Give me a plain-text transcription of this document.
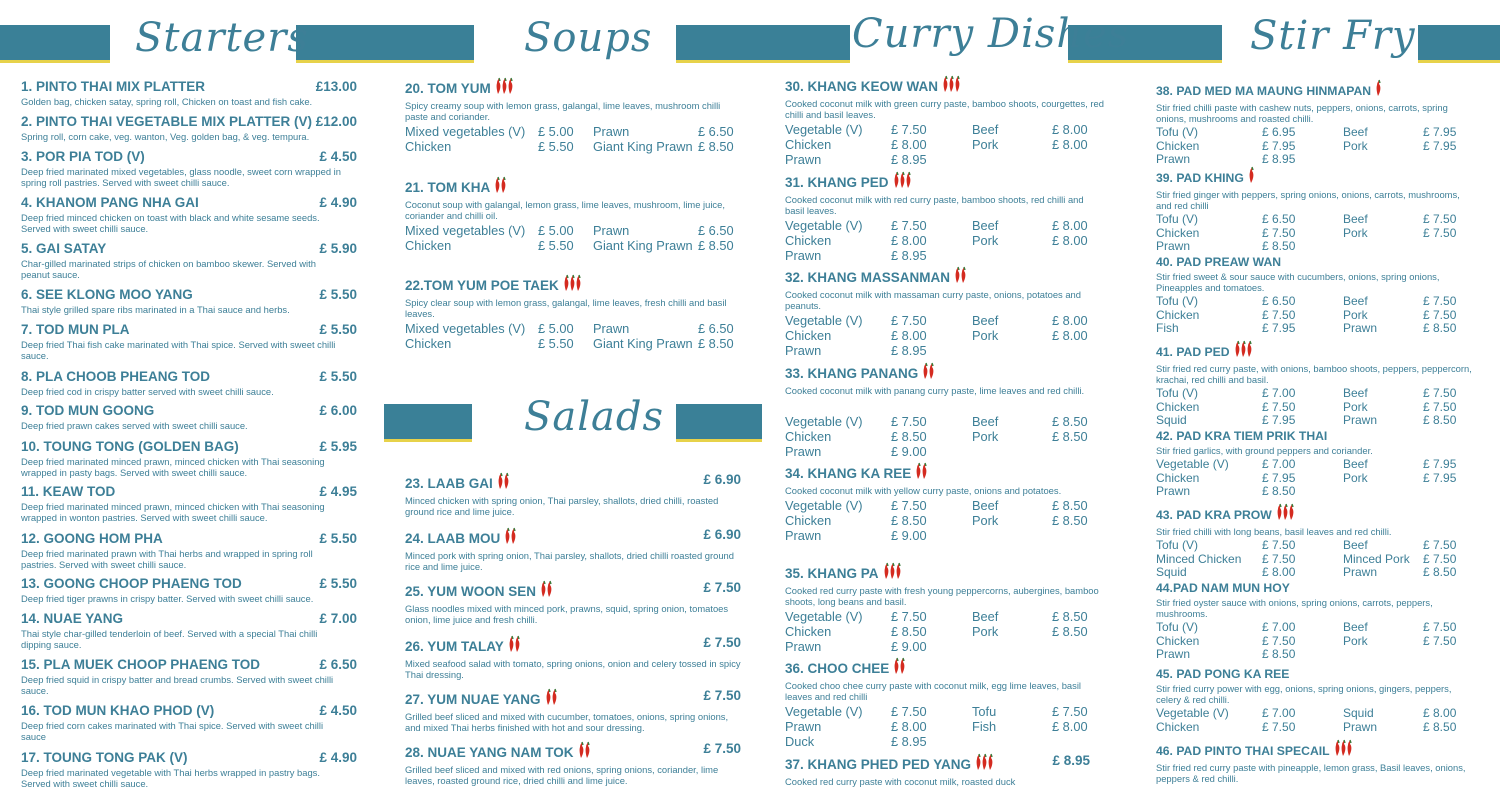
Starters	Soups	Curry Dishes	Stir Fry
Salads
1. PINTO THAI MIX PLATTER	£13.00
Golden bag, chicken satay, spring roll, Chicken on toast and fish cake.
2. PINTO THAI VEGETABLE MIX PLATTER (V) £12.00
Spring roll, corn cake, veg. wanton, Veg. golden bag, & veg. tempura.
3. POR PIA TOD (V)	£ 4.50
Deep fried marinated mixed vegetables, glass noodle, sweet corn wrapped in spring roll pastries. Served with sweet chilli sauce.
4. KHANOM PANG NHA GAI	£ 4.90
Deep fried minced chicken on toast with black and white sesame seeds. Served with sweet chilli sauce.
5. GAI SATAY	£ 5.90
Char-gilled marinated strips of chicken on bamboo skewer. Served with peanut sauce.
6. SEE KLONG MOO YANG	£ 5.50
Thai style grilled spare ribs marinated in a Thai sauce and herbs.
7. TOD MUN PLA	£ 5.50
Deep fried Thai fish cake marinated with Thai spice. Served with sweet chilli sauce.
8. PLA CHOOB PHEANG TOD	£ 5.50
Deep fried cod in crispy batter served with sweet chilli sauce.
9. TOD MUN GOONG	£ 6.00
Deep fried prawn cakes served with sweet chilli sauce.
10. TOUNG TONG (GOLDEN BAG)	£ 5.95
Deep fried marinated minced prawn, minced chicken with Thai seasoning wrapped in pasty bags. Served with sweet chilli sauce.
11. KEAW TOD	£ 4.95
Deep fried marinated minced prawn, minced chicken with Thai seasoning wrapped in wonton pastries. Served with sweet chilli sauce.
12. GOONG HOM PHA	£ 5.50
Deep fried marinated prawn with Thai herbs and wrapped in spring roll pastries. Served with sweet chilli sauce.
13. GOONG CHOOP PHAENG TOD	£ 5.50
Deep fried tiger prawns in crispy batter. Served with sweet chilli sauce.
14. NUAE YANG	£ 7.00
Thai style char-gilled tenderloin of beef. Served with a special Thai chilli dipping sauce.
15. PLA MUEK CHOOP PHAENG TOD	£ 6.50
Deep fried squid in crispy batter and bread crumbs. Served with sweet chilli sauce.
16. TOD MUN KHAO PHOD (V)	£ 4.50
Deep fried corn cakes marinated with Thai spice. Served with sweet chilli sauce
17. TOUNG TONG PAK (V)	£ 4.90
Deep fried marinated vegetable with Thai herbs wrapped in pastry bags. Served with sweet chilli sauce.
20. TOM YUM
Spicy creamy soup with lemon grass, galangal, lime leaves, mushroom chilli paste and coriander.
Mixed vegetables (V) £ 5.00	Prawn	£ 6.50
Chicken	£ 5.50	Giant King Prawn £ 8.50
21. TOM KHA
Coconut soup with galangal, lemon grass, lime leaves, mushroom, lime juice, coriander and chilli oil.
Mixed vegetables (V) £ 5.00	Prawn	£ 6.50
Chicken	£ 5.50	Giant King Prawn £ 8.50
22.TOM YUM POE TAEK
Spicy clear soup with lemon grass, galangal, lime leaves, fresh chilli and basil leaves.
Mixed vegetables (V) £ 5.00	Prawn	£ 6.50
Chicken	£ 5.50	Giant King Prawn £ 8.50
23. LAAB GAI	£ 6.90
Minced chicken with spring onion, Thai parsley, shallots, dried chilli, roasted ground rice and lime juice.
24. LAAB MOU	£ 6.90
Minced pork with spring onion, Thai parsley, shallots, dried chilli roasted ground rice and lime juice.
25. YUM WOON SEN	£ 7.50
Glass noodles mixed with minced pork, prawns, squid, spring onion, tomatoes onion, lime juice and fresh chilli.
26. YUM TALAY	£ 7.50
Mixed seafood salad with tomato, spring onions, onion and celery tossed in spicy Thai dressing.
27. YUM NUAE YANG	£ 7.50
Grilled beef sliced and mixed with cucumber, tomatoes, onions, spring onions, and mixed Thai herbs finished with hot and sour dressing.
28. NUAE YANG NAM TOK	£ 7.50
Grilled beef sliced and mixed with red onions, spring onions, coriander, lime leaves, roasted ground rice, dried chilli and lime juice.
30. KHANG KEOW WAN
Cooked coconut milk with green curry paste, bamboo shoots, courgettes, red chilli and basil leaves.
Vegetable (V)	£ 7.50	Beef	£ 8.00
Chicken	£ 8.00	Pork	£ 8.00
Prawn	£ 8.95
31. KHANG PED
Cooked coconut milk with red curry paste, bamboo shoots, red chilli and basil leaves.
Vegetable (V)	£ 7.50	Beef	£ 8.00
Chicken	£ 8.00	Pork	£ 8.00
Prawn	£ 8.95
32. KHANG MASSANMAN
Cooked coconut milk with massaman curry paste, onions, potatoes and peanuts.
Vegetable (V)	£ 7.50	Beef	£ 8.00
Chicken	£ 8.00	Pork	£ 8.00
Prawn	£ 8.95
33. KHANG PANANG
Cooked coconut milk with panang curry paste, lime leaves and red chilli.
Vegetable (V)	£ 7.50	Beef	£ 8.50
Chicken	£ 8.50	Pork	£ 8.50
Prawn	£ 9.00
34. KHANG KA REE
Cooked coconut milk with yellow curry paste, onions and potatoes.
Vegetable (V)	£ 7.50	Beef	£ 8.50
Chicken	£ 8.50	Pork	£ 8.50
Prawn	£ 9.00
35. KHANG PA
Cooked red curry paste with fresh young peppercorns, aubergines, bamboo shoots, long beans and basil.
Vegetable (V)	£ 7.50	Beef	£ 8.50
Chicken	£ 8.50	Pork	£ 8.50
Prawn	£ 9.00
36. CHOO CHEE
Cooked choo chee curry paste with coconut milk, egg lime leaves, basil leaves and red chilli
Vegetable (V)	£ 7.50	Tofu	£ 7.50
Prawn	£ 8.00	Fish	£ 8.00
Duck	£ 8.95
37. KHANG PHED PED YANG	£ 8.95
Cooked red curry paste with coconut milk, roasted duck
38. PAD MED MA MAUNG HINMAPAN
Stir fried chilli paste with cashew nuts, peppers, onions, carrots, spring onions, mushrooms and roasted chilli.
Tofu (V)	£ 6.95	Beef	£ 7.95
Chicken	£ 7.95	Pork	£ 7.95
Prawn	£ 8.95
39. PAD KHING
Stir fried ginger with peppers, spring onions, onions, carrots, mushrooms, and red chilli
Tofu (V)	£ 6.50	Beef	£ 7.50
Chicken	£ 7.50	Pork	£ 7.50
Prawn	£ 8.50
40. PAD PREAW WAN
Stir fried sweet & sour sauce with cucumbers, onions, spring onions, Pineapples and tomatoes.
Tofu (V)	£ 6.50	Beef	£ 7.50
Chicken	£ 7.50	Pork	£ 7.50
Fish	£ 7.95	Prawn	£ 8.50
41. PAD PED
Stir fried red curry paste, with onions, bamboo shoots, peppers, peppercorn, krachai, red chilli and basil.
Tofu (V)	£ 7.00	Beef	£ 7.50
Chicken	£ 7.50	Pork	£ 7.50
Squid	£ 7.95	Prawn	£ 8.50
42. PAD KRA TIEM PRIK THAI
Stir fried garlics, with ground peppers and coriander.
Vegetable (V)	£ 7.00	Beef	£ 7.95
Chicken	£ 7.95	Pork	£ 7.95
Prawn	£ 8.50
43. PAD KRA PROW
Stir fried chilli with long beans, basil leaves and red chilli.
Tofu (V)	£ 7.50	Beef	£ 7.50
Minced Chicken	£ 7.50	Minced Pork	£ 7.50
Squid	£ 8.00	Prawn	£ 8.50
44.PAD NAM MUN HOY
Stir fried oyster sauce with onions, spring onions, carrots, peppers, mushrooms.
Tofu (V)	£ 7.00	Beef	£ 7.50
Chicken	£ 7.50	Pork	£ 7.50
Prawn	£ 8.50
45. PAD PONG KA REE
Stir fried curry power with egg, onions, spring onions, gingers, peppers, celery & red chilli.
Vegetable (V)	£ 7.00	Squid	£ 8.00
Chicken	£ 7.50	Prawn	£ 8.50
46. PAD PINTO THAI SPECAIL
Stir fried red curry paste with pineapple, lemon grass, Basil leaves, onions, peppers & red chilli.
